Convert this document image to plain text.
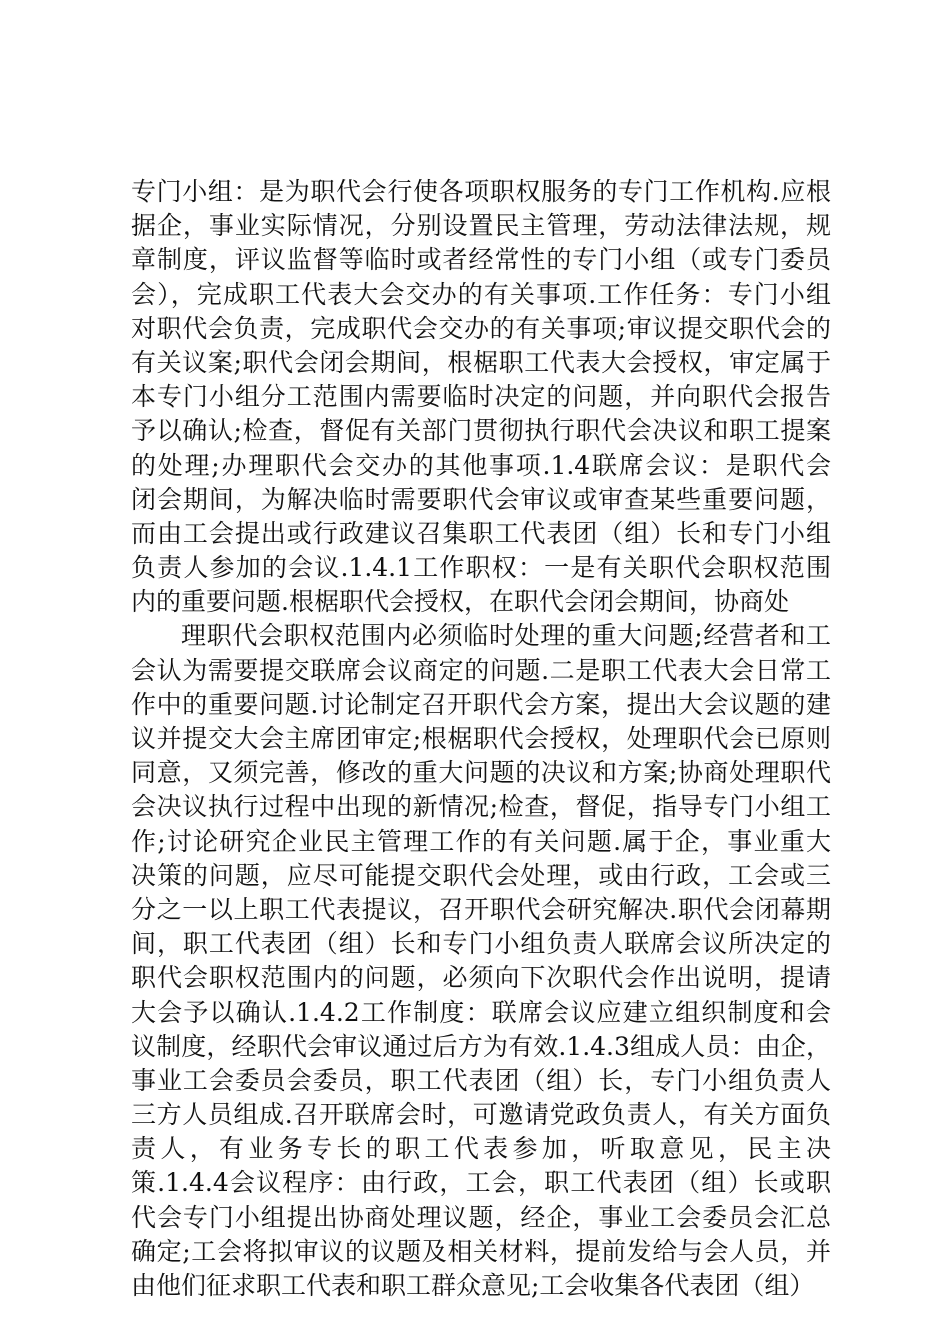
专门小组：是为职代会行使各项职权服务的专门工作机构.应根
据企，事业实际情况，分别设置民主管理，劳动法律法规，规
章制度，评议监督等临时或者经常性的专门小组（或专门委员
会），完成职工代表大会交办的有关事项.工作任务：专门小组
对职代会负责，完成职代会交办的有关事项;审议提交职代会的
有关议案;职代会闭会期间，根椐职工代表大会授权，审定属于
本专门小组分工范围内需要临时决定的问题，并向职代会报告
予以确认;检查，督促有关部门贯彻执行职代会决议和职工提案
的处理;办理职代会交办的其他事项.1.4联席会议：是职代会
闭会期间，为解决临时需要职代会审议或审查某些重要问题，
而由工会提出或行政建议召集职工代表团（组）长和专门小组
负责人参加的会议.1.4.1工作职权：一是有关职代会职权范围
内的重要问题.根椐职代会授权，在职代会闭会期间，协商处
理职代会职权范围内必须临时处理的重大问题;经营者和工
会认为需要提交联席会议商定的问题.二是职工代表大会日常工
作中的重要问题.讨论制定召开职代会方案，提出大会议题的建
议并提交大会主席团审定;根椐职代会授权，处理职代会已原则
同意，又须完善，修改的重大问题的决议和方案;协商处理职代
会决议执行过程中出现的新情况;检查，督促，指导专门小组工
作;讨论研究企业民主管理工作的有关问题.属于企，事业重大
决策的问题，应尽可能提交职代会处理，或由行政，工会或三
分之一以上职工代表提议，召开职代会研究解决.职代会闭幕期
间，职工代表团（组）长和专门小组负责人联席会议所决定的
职代会职权范围内的问题，必须向下次职代会作出说明，提请
大会予以确认.1.4.2工作制度：联席会议应建立组织制度和会
议制度，经职代会审议通过后方为有效.1.4.3组成人员：由企，
事业工会委员会委员，职工代表团（组）长，专门小组负责人
三方人员组成.召开联席会时，可邀请党政负责人，有关方面负
责人，有业务专长的职工代表参加，听取意见，民主决
策.1.4.4会议程序：由行政，工会，职工代表团（组）长或职
代会专门小组提出协商处理议题，经企，事业工会委员会汇总
确定;工会将拟审议的议题及相关材料，提前发给与会人员，并
由他们征求职工代表和职工群众意见;工会收集各代表团（组）
